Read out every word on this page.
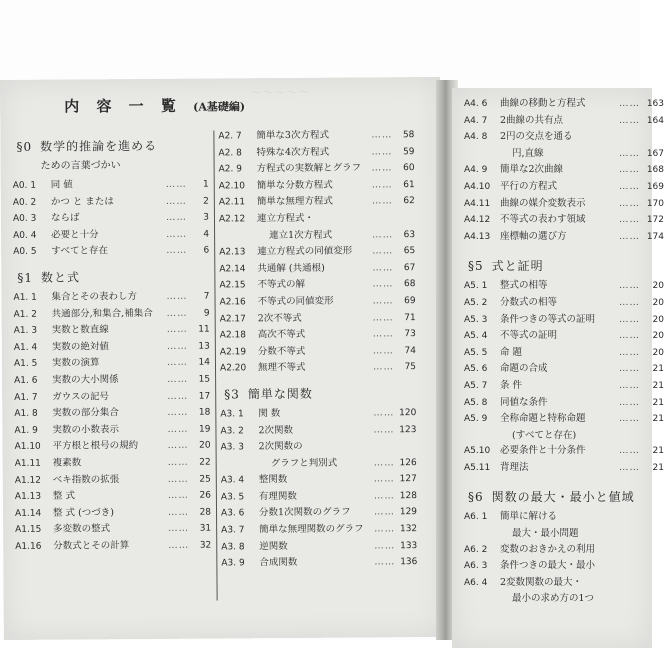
〜〜〜〜〜
内 容 一 覧 (A基礎編)
§0 数学的推論を進める
ための言葉づかい
A0. 1	同 値	……	1
A0. 2	かつ と または	……	2
A0. 3	ならば	……	3
A0. 4	必要と十分	……	4
A0. 5	すべてと存在	……	6
§1 数と式
A1. 1	集合とその表わし方	……	7
A1. 2	共通部分,和集合,補集合	……	9
A1. 3	実数と数直線	……	11
A1. 4	実数の絶対値	……	13
A1. 5	実数の演算	……	14
A1. 6	実数の大小関係	……	15
A1. 7	ガウスの記号	……	17
A1. 8	実数の部分集合	……	18
A1. 9	実数の小数表示	……	19
A1.10	平方根と根号の規約	……	20
A1.11	複素数	……	22
A1.12	ベキ指数の拡張	……	25
A1.13	整 式	……	26
A1.14	整 式 (つづき)	……	28
A1.15	多変数の整式	……	31
A1.16	分数式とその計算	……	32
A2. 7	簡単な3次方程式	……	58
A2. 8	特殊な4次方程式	……	59
A2. 9	方程式の実数解とグラフ	……	60
A2.10	簡単な分数方程式	……	61
A2.11	簡単な無理方程式	……	62
A2.12	連立方程式・
連立1次方程式	……	63
A2.13	連立方程式の同値変形	……	65
A2.14	共通解 (共通根)	……	67
A2.15	不等式の解	……	68
A2.16	不等式の同値変形	……	69
A2.17	2次不等式	……	71
A2.18	高次不等式	……	73
A2.19	分数不等式	……	74
A2.20	無理不等式	……	75
§3 簡単な関数
A3. 1	関 数	…… 120
A3. 2	2次関数	…… 123
A3. 3	2次関数の
グラフと判別式	…… 126
A3. 4	整関数	…… 127
A3. 5	有理関数	…… 128
A3. 6	分数1次関数のグラフ	…… 129
A3. 7	簡単な無理関数のグラフ	…… 132
A3. 8	逆関数	…… 133
A3. 9	合成関数	…… 136
A4. 6	曲線の移動と方程式	…… 163
A4. 7	2曲線の共有点	…… 164
A4. 8	2円の交点を通る
円,直線	…… 167
A4. 9	簡単な2次曲線	…… 168
A4.10	平行の方程式	…… 169
A4.11	曲線の媒介変数表示	…… 170
A4.12	不等式の表わす領域	…… 172
A4.13	座標軸の選び方	…… 174
§5 式と証明
A5. 1	整式の相等	……	20
A5. 2	分数式の相等	……	20
A5. 3	条件つきの等式の証明	……	20
A5. 4	不等式の証明	……	20
A5. 5	命 題	……	20
A5. 6	命題の合成	……	21
A5. 7	条 件	……	21
A5. 8	同値な条件	……	21
A5. 9	全称命題と特称命題	……	21
(すべてと存在)
A5.10	必要条件と十分条件	……	21
A5.11	背理法	……	21
§6 関数の最大・最小と値域
A6. 1	簡単に解ける
最大・最小問題
A6. 2	変数のおきかえの利用
A6. 3	条件つきの最大・最小
A6. 4	2変数関数の最大・
最小の求め方の1つ
